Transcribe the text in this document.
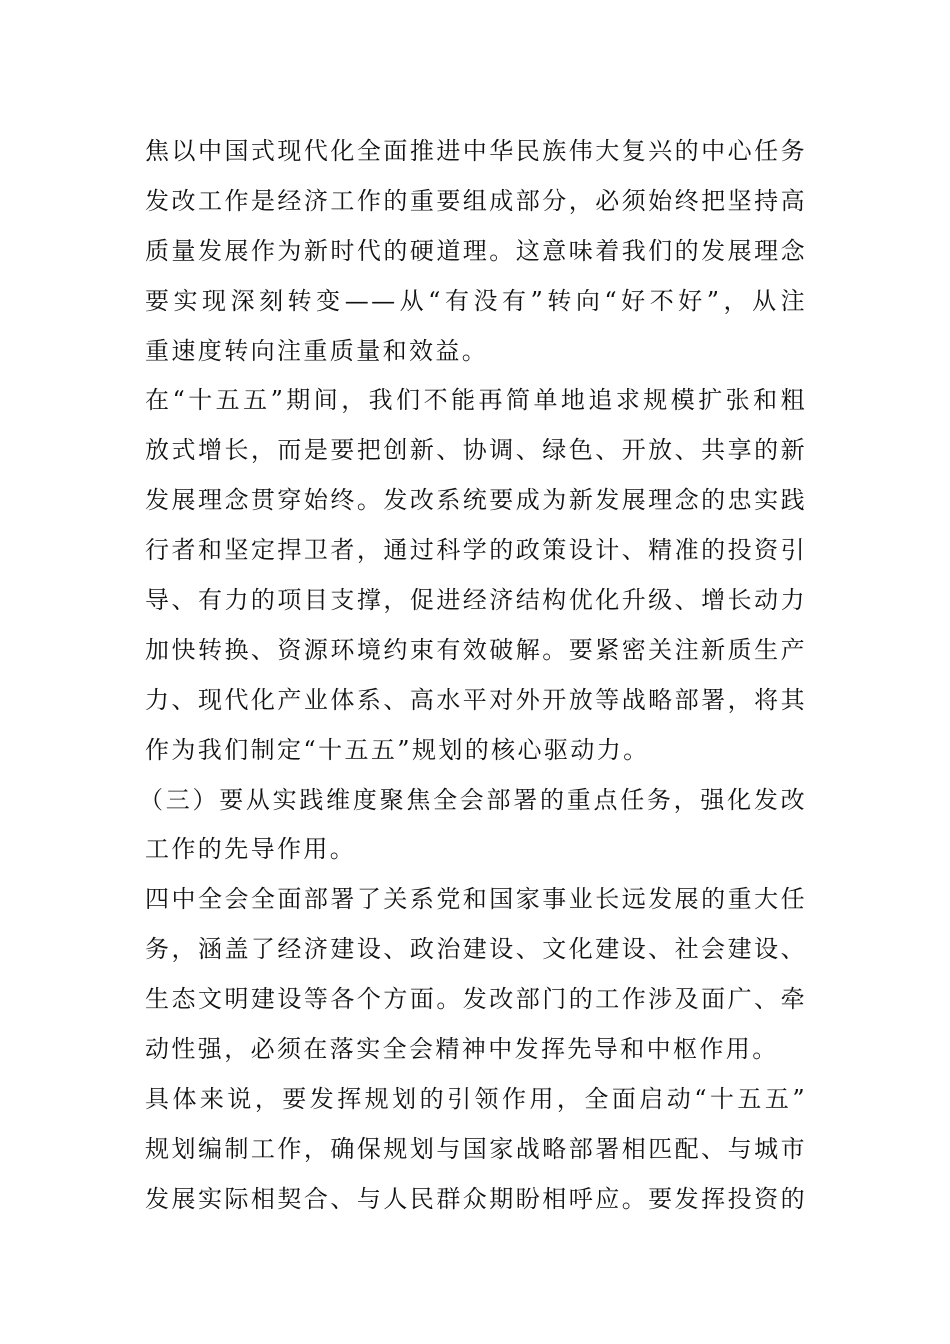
焦以中国式现代化全面推进中华民族伟大复兴的中心任务
发改工作是经济工作的重要组成部分，必须始终把坚持高
质量发展作为新时代的硬道理。这意味着我们的发展理念
要实现深刻转变——从“有没有”转向“好不好”，从注
重速度转向注重质量和效益。
在“十五五”期间，我们不能再简单地追求规模扩张和粗
放式增长，而是要把创新、协调、绿色、开放、共享的新
发展理念贯穿始终。发改系统要成为新发展理念的忠实践
行者和坚定捍卫者，通过科学的政策设计、精准的投资引
导、有力的项目支撑，促进经济结构优化升级、增长动力
加快转换、资源环境约束有效破解。要紧密关注新质生产
力、现代化产业体系、高水平对外开放等战略部署，将其
作为我们制定“十五五”规划的核心驱动力。
（三）要从实践维度聚焦全会部署的重点任务，强化发改
工作的先导作用。
四中全会全面部署了关系党和国家事业长远发展的重大任
务，涵盖了经济建设、政治建设、文化建设、社会建设、
生态文明建设等各个方面。发改部门的工作涉及面广、牵
动性强，必须在落实全会精神中发挥先导和中枢作用。
具体来说，要发挥规划的引领作用，全面启动“十五五”
规划编制工作，确保规划与国家战略部署相匹配、与城市
发展实际相契合、与人民群众期盼相呼应。要发挥投资的
